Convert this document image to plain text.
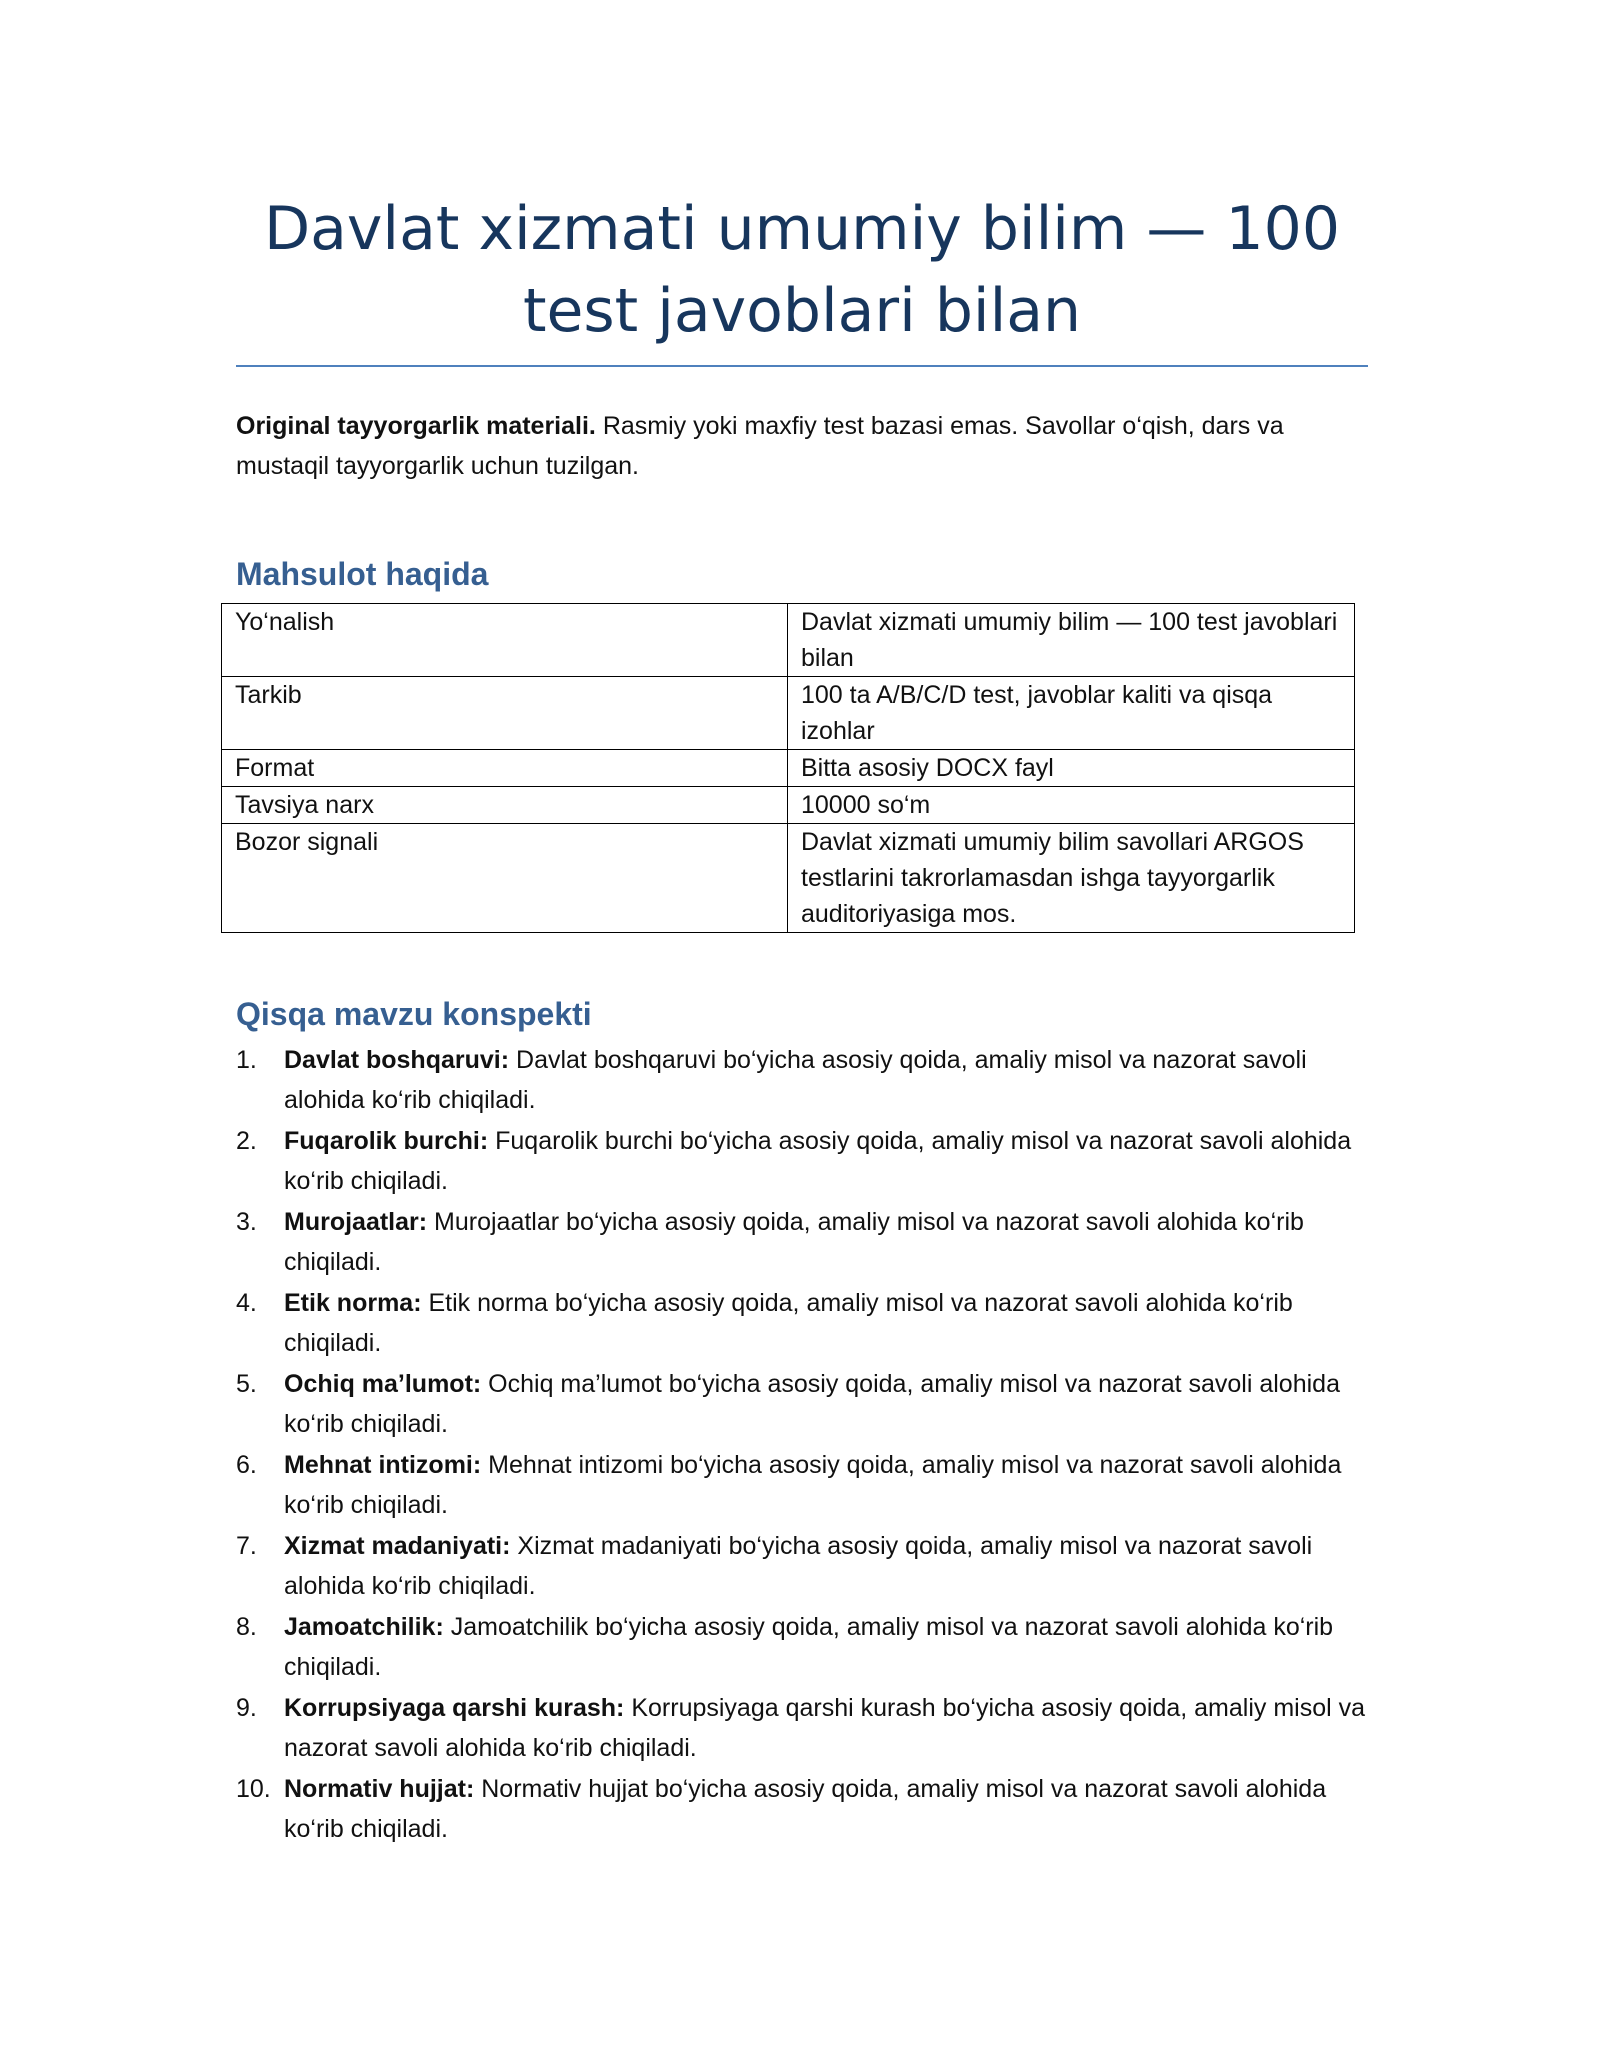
Davlat xizmati umumiy bilim — 100 test javoblari bilan

Original tayyorgarlik materiali. Rasmiy yoki maxfiy test bazasi emas. Savollar o‘qish, dars va mustaqil tayyorgarlik uchun tuzilgan.

Mahsulot haqida
Yo‘nalish	Davlat xizmati umumiy bilim — 100 test javoblari bilan
Tarkib	100 ta A/B/C/D test, javoblar kaliti va qisqa izohlar
Format	Bitta asosiy DOCX fayl
Tavsiya narx	10000 so‘m
Bozor signali	Davlat xizmati umumiy bilim savollari ARGOS testlarini takrorlamasdan ishga tayyorgarlik auditoriyasiga mos.
Qisqa mavzu konspekti
1. Davlat boshqaruvi: Davlat boshqaruvi bo‘yicha asosiy qoida, amaliy misol va nazorat savoli alohida ko‘rib chiqiladi.
2. Fuqarolik burchi: Fuqarolik burchi bo‘yicha asosiy qoida, amaliy misol va nazorat savoli alohida ko‘rib chiqiladi.
3. Murojaatlar: Murojaatlar bo‘yicha asosiy qoida, amaliy misol va nazorat savoli alohida ko‘rib chiqiladi.
4. Etik norma: Etik norma bo‘yicha asosiy qoida, amaliy misol va nazorat savoli alohida ko‘rib chiqiladi.
5. Ochiq ma’lumot: Ochiq ma’lumot bo‘yicha asosiy qoida, amaliy misol va nazorat savoli alohida ko‘rib chiqiladi.
6. Mehnat intizomi: Mehnat intizomi bo‘yicha asosiy qoida, amaliy misol va nazorat savoli alohida ko‘rib chiqiladi.
7. Xizmat madaniyati: Xizmat madaniyati bo‘yicha asosiy qoida, amaliy misol va nazorat savoli alohida ko‘rib chiqiladi.
8. Jamoatchilik: Jamoatchilik bo‘yicha asosiy qoida, amaliy misol va nazorat savoli alohida ko‘rib chiqiladi.
9. Korrupsiyaga qarshi kurash: Korrupsiyaga qarshi kurash bo‘yicha asosiy qoida, amaliy misol va nazorat savoli alohida ko‘rib chiqiladi.
10. Normativ hujjat: Normativ hujjat bo‘yicha asosiy qoida, amaliy misol va nazorat savoli alohida ko‘rib chiqiladi.
